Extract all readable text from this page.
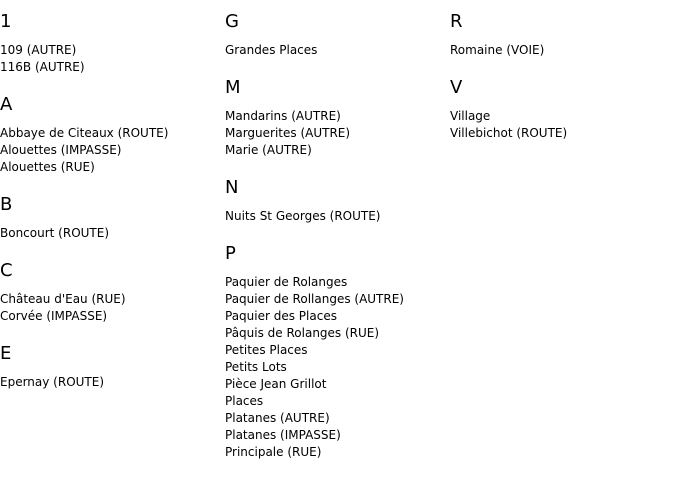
1
109 (AUTRE)
116B (AUTRE)
A
Abbaye de Citeaux (ROUTE)
Alouettes (IMPASSE)
Alouettes (RUE)
B
Boncourt (ROUTE)
C
Château d'Eau (RUE)
Corvée (IMPASSE)
E
Epernay (ROUTE)
G
Grandes Places
M
Mandarins (AUTRE)
Marguerites (AUTRE)
Marie (AUTRE)
N
Nuits St Georges (ROUTE)
P
Paquier de Rolanges
Paquier de Rollanges (AUTRE)
Paquier des Places
Pâquis de Rolanges (RUE)
Petites Places
Petits Lots
Pièce Jean Grillot
Places
Platanes (AUTRE)
Platanes (IMPASSE)
Principale (RUE)
R
Romaine (VOIE)
V
Village
Villebichot (ROUTE)
